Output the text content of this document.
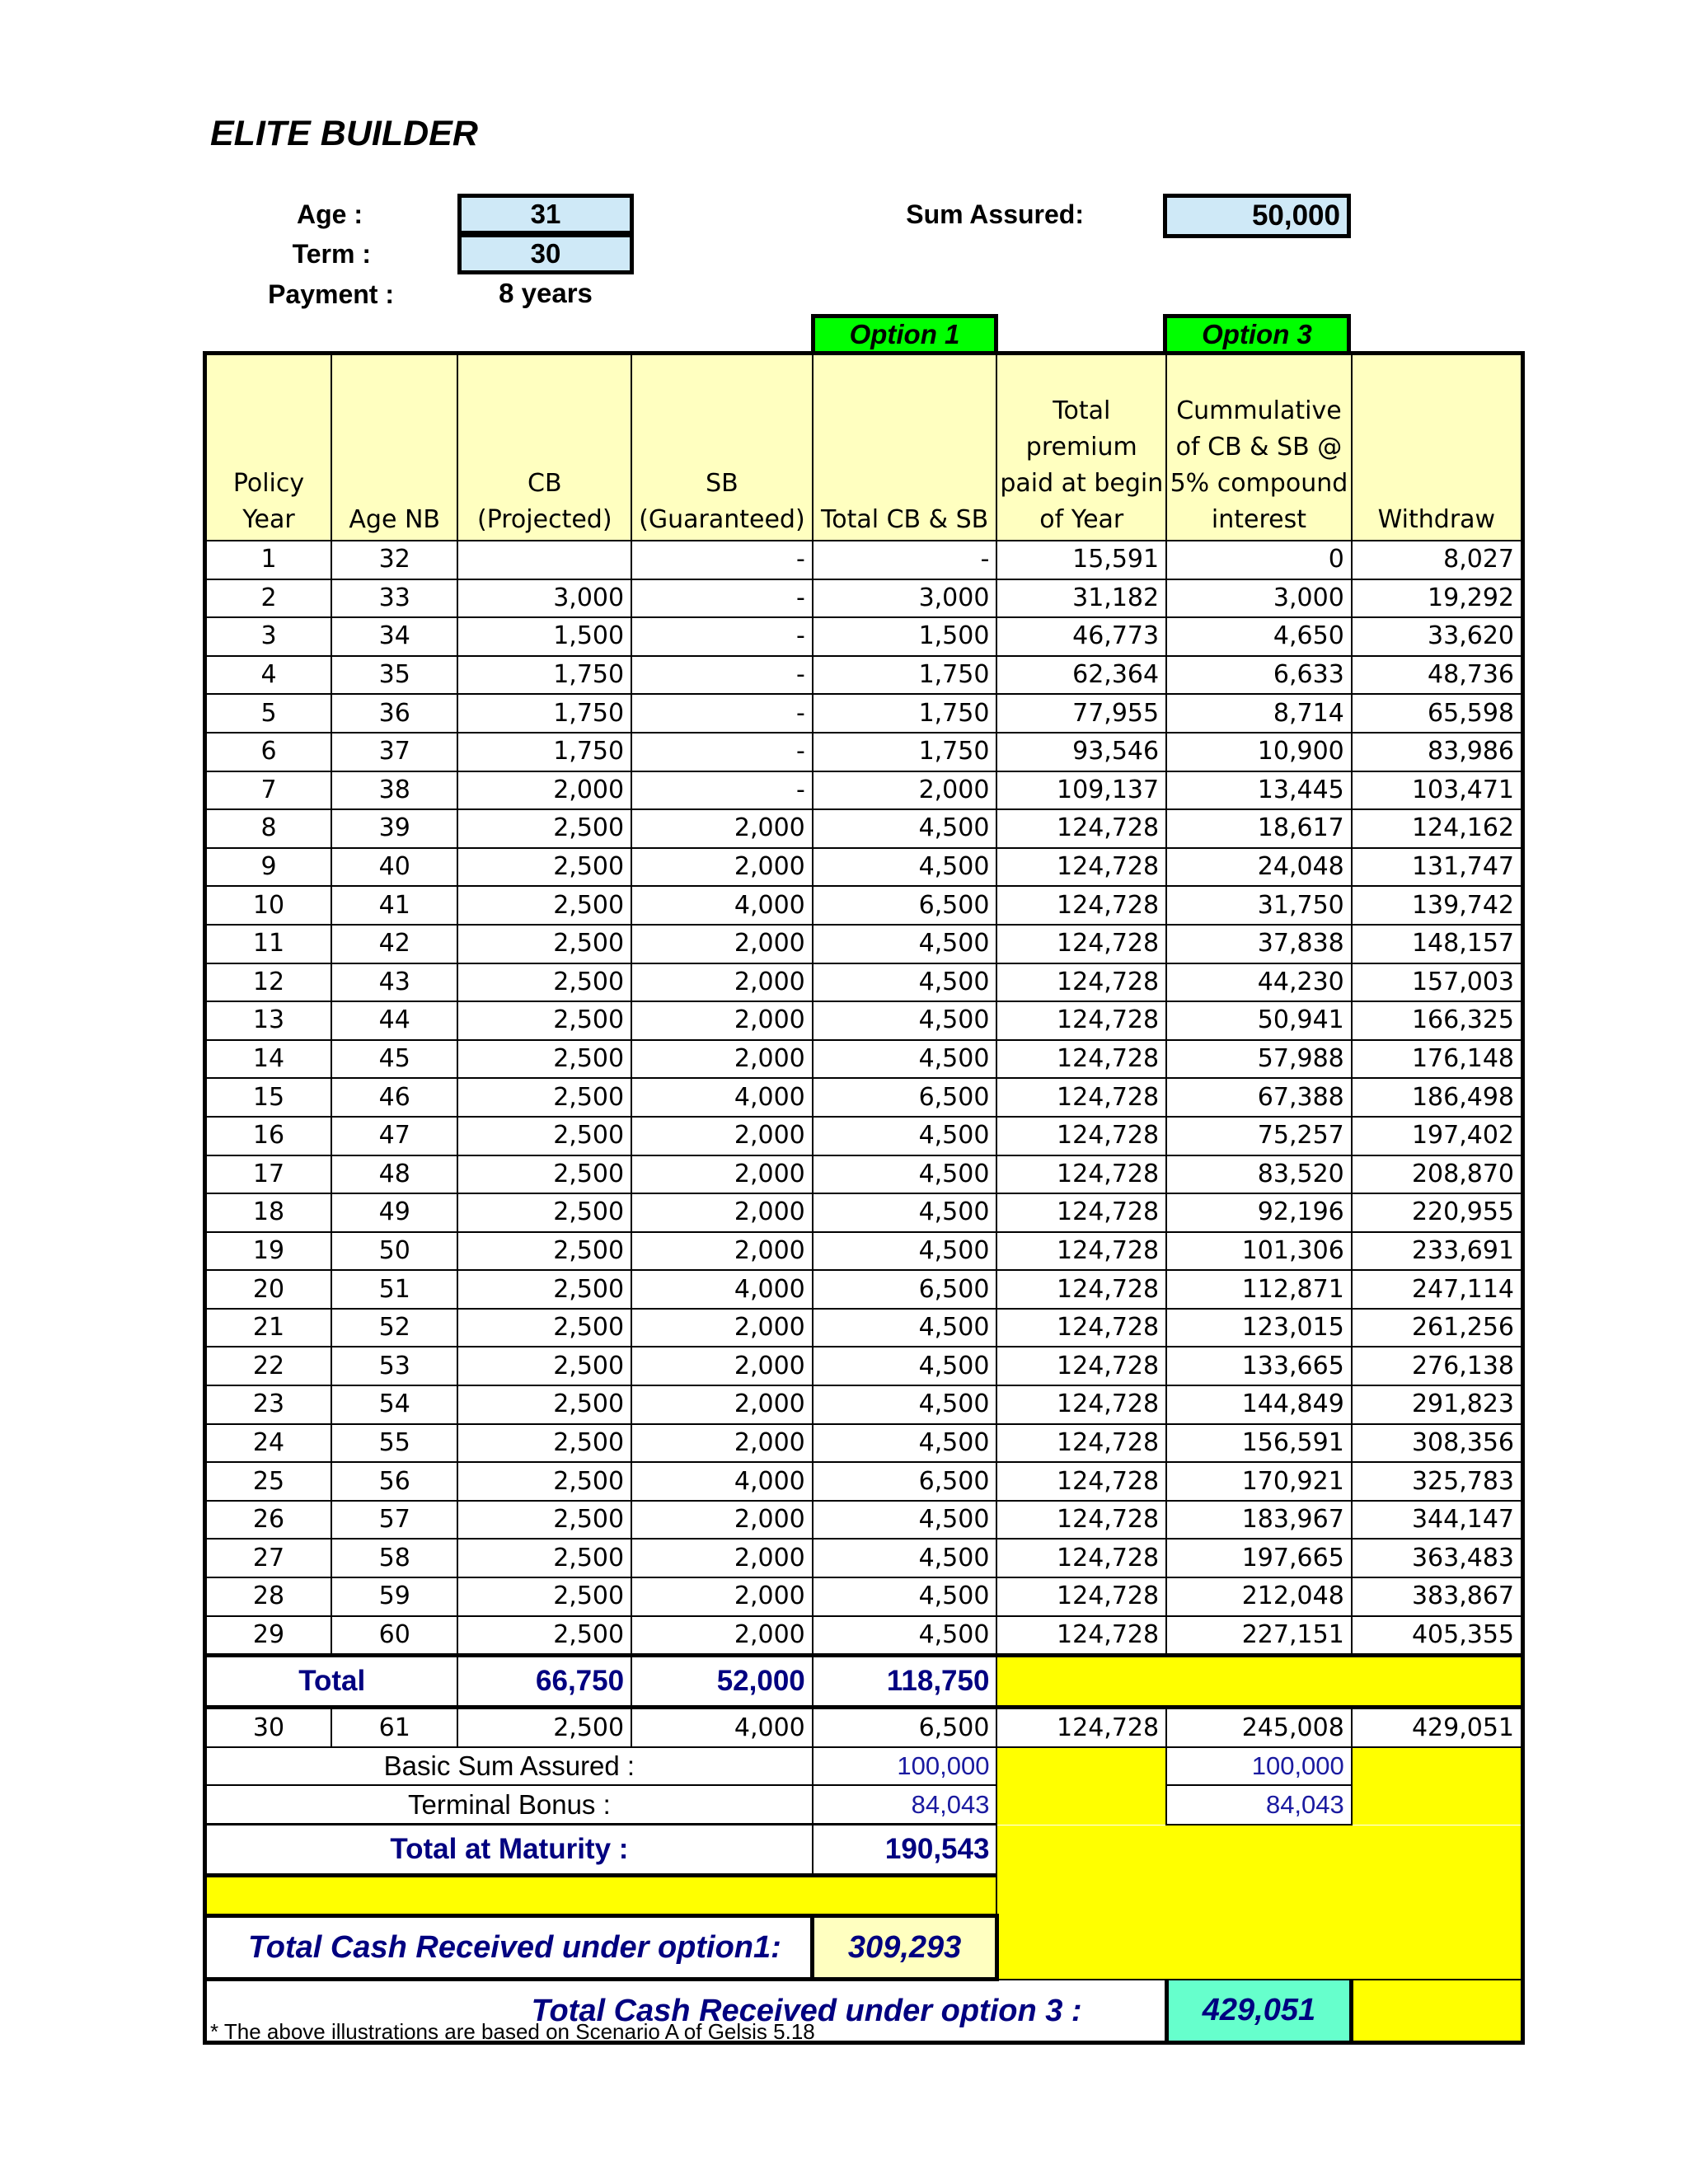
ELITE BUILDER
Age :	31
Term :	30
Payment :	8 years
Sum Assured:	50,000
Option 1	Option 3
Policy Year	Age NB	CB (Projected)	SB (Guaranteed)	Total CB & SB	Total premium paid at begin of Year	Cummulative of CB & SB @ 5% compound interest	Withdraw
1	32		-	-	15,591	0	8,027
2	33	3,000	-	3,000	31,182	3,000	19,292
3	34	1,500	-	1,500	46,773	4,650	33,620
4	35	1,750	-	1,750	62,364	6,633	48,736
5	36	1,750	-	1,750	77,955	8,714	65,598
6	37	1,750	-	1,750	93,546	10,900	83,986
7	38	2,000	-	2,000	109,137	13,445	103,471
8	39	2,500	2,000	4,500	124,728	18,617	124,162
9	40	2,500	2,000	4,500	124,728	24,048	131,747
10	41	2,500	4,000	6,500	124,728	31,750	139,742
11	42	2,500	2,000	4,500	124,728	37,838	148,157
12	43	2,500	2,000	4,500	124,728	44,230	157,003
13	44	2,500	2,000	4,500	124,728	50,941	166,325
14	45	2,500	2,000	4,500	124,728	57,988	176,148
15	46	2,500	4,000	6,500	124,728	67,388	186,498
16	47	2,500	2,000	4,500	124,728	75,257	197,402
17	48	2,500	2,000	4,500	124,728	83,520	208,870
18	49	2,500	2,000	4,500	124,728	92,196	220,955
19	50	2,500	2,000	4,500	124,728	101,306	233,691
20	51	2,500	4,000	6,500	124,728	112,871	247,114
21	52	2,500	2,000	4,500	124,728	123,015	261,256
22	53	2,500	2,000	4,500	124,728	133,665	276,138
23	54	2,500	2,000	4,500	124,728	144,849	291,823
24	55	2,500	2,000	4,500	124,728	156,591	308,356
25	56	2,500	4,000	6,500	124,728	170,921	325,783
26	57	2,500	2,000	4,500	124,728	183,967	344,147
27	58	2,500	2,000	4,500	124,728	197,665	363,483
28	59	2,500	2,000	4,500	124,728	212,048	383,867
29	60	2,500	2,000	4,500	124,728	227,151	405,355
Total		66,750	52,000	118,750			
30	61	2,500	4,000	6,500	124,728	245,008	429,051
Basic Sum Assured :				100,000		100,000	
Terminal Bonus :				84,043		84,043	
Total at Maturity :				190,543			

Total Cash Received under option1:				309,293			
Total Cash Received under option 3 :						429,051	
* The above illustrations are based on Scenario A of Gelsis 5.18
